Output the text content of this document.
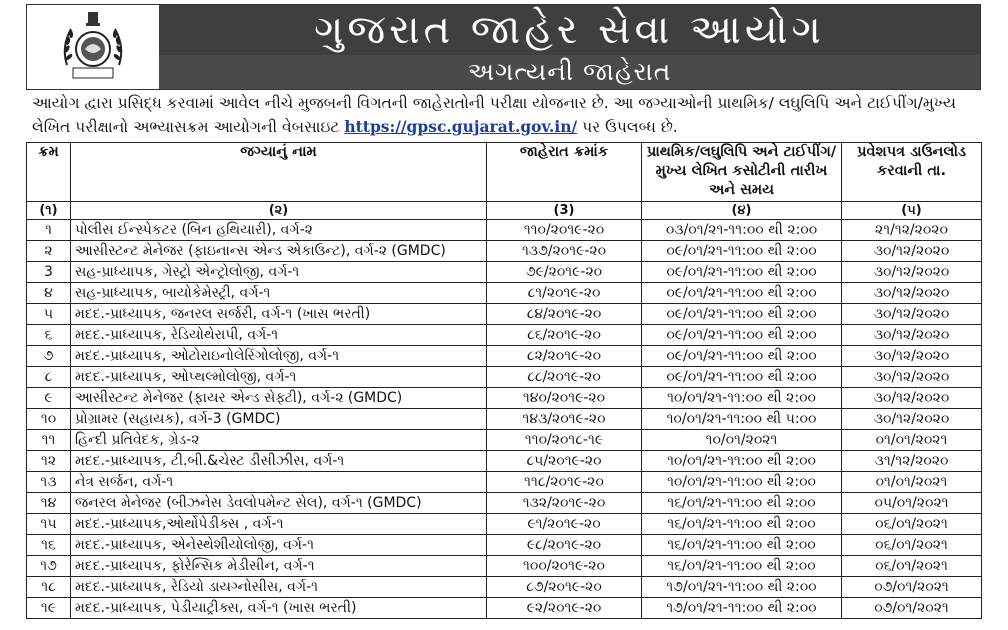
ગુજરાત જાહેર સેવા આયોગ
અગત્યની જાહેરાત
આયોગ દ્વારા પ્રસિદ્ધ કરવામાં આવેલ નીચે મુજબની વિગતની જાહેરાતોની પરીક્ષા યોજનાર છે. આ જગ્યાઓની પ્રાથમિક/ લઘુલિપિ અને ટાઈપીંગ/મુખ્ય લેખિત પરીક્ષાનો અભ્યાસક્રમ આયોગની વેબસાઇટ https://gpsc.gujarat.gov.in/ પર ઉપલબ્ધ છે.
ક્રમ	જગ્યાનું નામ	જાહેરાત ક્રમાંક	પ્રાથમિક/લઘુલિપિ અને ટાઈપીંગ/મુખ્ય લેખિત કસોટીની તારીખ અને સમય	પ્રવેશપત્ર ડાઉનલોડ કરવાની તા.
(૧)	(૨)	(3)	(૪)	(૫)
૧	પોલીસ ઈન્સ્પેકટર (બિન હથિયારી), વર્ગ-૨	૧૧૦/૨૦૧૯-૨૦	૦૩/૦૧/૨૧-૧૧:૦૦ થી ૨:૦૦	૨૧/૧૨/૨૦૨૦
૨	આસીસ્ટન્ટ મેનેજર (ફાઇનાન્સ એન્ડ એકાઉન્ટ), વર્ગ-૨ (GMDC)	૧૩૭/૨૦૧૯-૨૦	૦૯/૦૧/૨૧-૧૧:૦૦ થી ૨:૦૦	૩૦/૧૨/૨૦૨૦
3	સહ-પ્રાધ્યાપક, ગેસ્ટ્રો એન્ટ્રોલોજી, વર્ગ-૧	૭૯/૨૦૧૯-૨૦	૦૯/૦૧/૨૧-૧૧:૦૦ થી ૨:૦૦	૩૦/૧૨/૨૦૨૦
૪	સહ-પ્રાધ્યાપક, બાયોકેમેસ્ટ્રી, વર્ગ-૧	૮૧/૨૦૧૯-૨૦	૦૯/૦૧/૨૧-૧૧:૦૦ થી ૨:૦૦	૩૦/૧૨/૨૦૨૦
૫	મદદ.-પ્રાધ્યાપક, જનરલ સર્જરી, વર્ગ-૧ (ખાસ ભરતી)	૮૪/૨૦૧૯-૨૦	૦૯/૦૧/૨૧-૧૧:૦૦ થી ૨:૦૦	૩૦/૧૨/૨૦૨૦
૬	મદદ.-પ્રાધ્યાપક, રેડિયોથેરાપી, વર્ગ-૧	૮૬/૨૦૧૯-૨૦	૦૯/૦૧/૨૧-૧૧:૦૦ થી ૨:૦૦	૩૦/૧૨/૨૦૨૦
૭	મદદ.-પ્રાધ્યાપક, ઓટોરાઇનોલેરિંગોલોજી, વર્ગ-૧	૮૨/૨૦૧૯-૨૦	૦૯/૦૧/૨૧-૧૧:૦૦ થી ૨:૦૦	૩૦/૧૨/૨૦૨૦
૮	મદદ.-પ્રાધ્યાપક, ઓપ્થલ્મોલોજી, વર્ગ-૧	૮૮/૨૦૧૯-૨૦	૦૯/૦૧/૨૧-૧૧:૦૦ થી ૨:૦૦	૩૦/૧૨/૨૦૨૦
૯	આસીસ્ટન્ટ મેનેજર (ફાયર એન્ડ સેફ્ટી), વર્ગ-૨ (GMDC)	૧૪૦/૨૦૧૯-૨૦	૧૦/૦૧/૨૧-૧૧:૦૦ થી ૨:૦૦	૩૦/૧૨/૨૦૨૦
૧૦	પ્રોગ્રામર (સહાયક), વર્ગ-3 (GMDC)	૧૪૩/૨૦૧૯-૨૦	૧૦/૦૧/૨૧-૧૧:૦૦ થી ૫:૦૦	૩૦/૧૨/૨૦૨૦
૧૧	હિન્દી પ્રતિવેદક, ગ્રેડ-૨	૧૧૦/૨૦૧૮-૧૯	૧૦/૦૧/૨૦૨૧	૦૧/૦૧/૨૦૨૧
૧૨	મદદ.-પ્રાધ્યાપક, ટી.બી.&ચેસ્ટ ડીસીઝીસ, વર્ગ-૧	૮૫/૨૦૧૯-૨૦	૧૦/૦૧/૨૧-૧૧:૦૦ થી ૨:૦૦	૩૧/૧૨/૨૦૨૦
૧૩	નેત્ર સર્જન, વર્ગ-૧	૧૧૮/૨૦૧૯-૨૦	૧૦/૦૧/૨૧-૧૧:૦૦ થી ૨:૦૦	૦૧/૦૧/૨૦૨૧
૧૪	જનરલ મેનેજર (બીઝનેસ ડેવલોપમેન્ટ સેલ), વર્ગ-૧ (GMDC)	૧૩૨/૨૦૧૯-૨૦	૧૬/૦૧/૨૧-૧૧:૦૦ થી ૨:૦૦	૦૫/૦૧/૨૦૨૧
૧૫	મદદ.-પ્રાધ્યાપક,ઓર્થોપેડીક્સ , વર્ગ-૧	૯૧/૨૦૧૯-૨૦	૧૬/૦૧/૨૧-૧૧:૦૦ થી ૨:૦૦	૦૬/૦૧/૨૦૨૧
૧૬	મદદ.-પ્રાધ્યાપક, એનેસ્થેશીયોલોજી, વર્ગ-૧	૯૮/૨૦૧૯-૨૦	૧૬/૦૧/૨૧-૧૧:૦૦ થી ૨:૦૦	૦૬/૦૧/૨૦૨૧
૧૭	મદદ.-પ્રાધ્યાપક, ફોરેન્સિક મેડીસીન, વર્ગ-૧	૧૦૦/૨૦૧૯-૨૦	૧૬/૦૧/૨૧-૧૧:૦૦ થી ૨:૦૦	૦૬/૦૧/૨૦૨૧
૧૮	મદદ.-પ્રાધ્યાપક, રેડિયો ડાયગ્નોસીસ, વર્ગ-૧	૮૭/૨૦૧૯-૨૦	૧૭/૦૧/૨૧-૧૧:૦૦ થી ૨:૦૦	૦૭/૦૧/૨૦૨૧
૧૯	મદદ.-પ્રાધ્યાપક, પેડીયાટ્રીક્સ, વર્ગ-૧ (ખાસ ભરતી)	૯૨/૨૦૧૯-૨૦	૧૭/૦૧/૨૧-૧૧:૦૦ થી ૨:૦૦	૦૭/૦૧/૨૦૨૧
